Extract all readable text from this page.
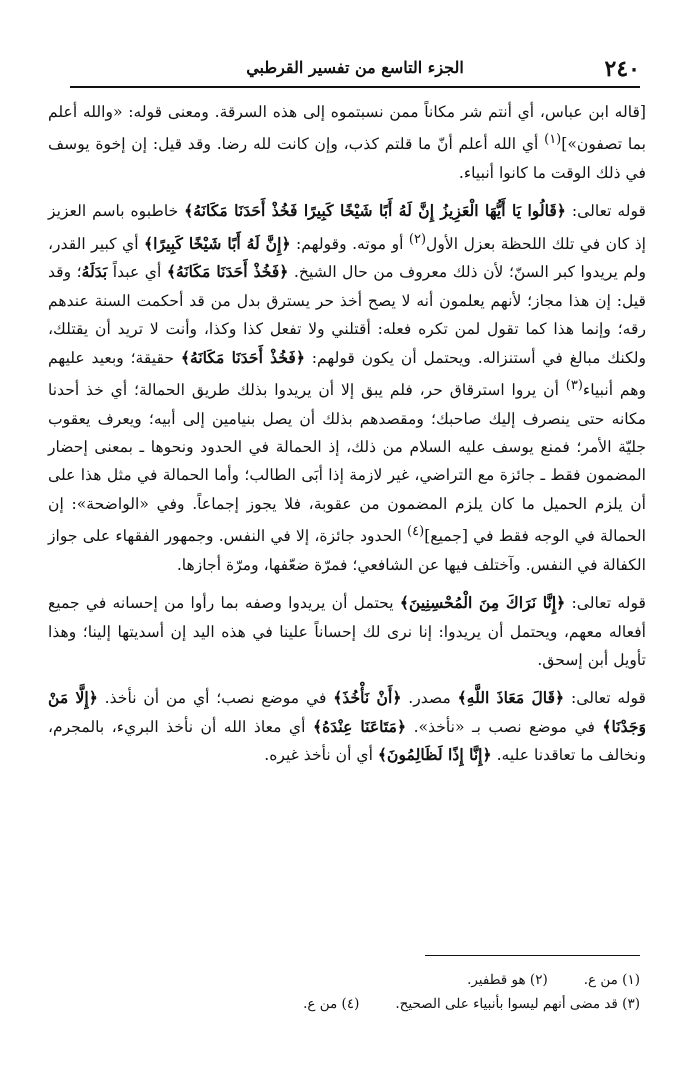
٢٤٠
الجزء التاسع من تفسير القرطبي

[قاله ابن عباس، أي أنتم شر مكاناً ممن نسبتموه إلى هذه السرقة. ومعنى قوله: «والله أعلم بما تصفون»]$^{(١)}$ أي الله أعلم أنّ ما قلتم كذب، وإن كانت لله رضا. وقد قيل: إن إخوة يوسف في ذلك الوقت ما كانوا أنبياء.

قوله تعالى: ﴿قَالُوا يَا أَيُّهَا الْعَزِيزُ إِنَّ لَهُ أَبًا شَيْخًا كَبِيرًا فَخُذْ أَحَدَنَا مَكَانَهُ﴾ خاطبوه باسم العزيز إذ كان في تلك اللحظة بعزل الأول$^{(٢)}$ أو موته. وقولهم: ﴿إِنَّ لَهُ أَبًا شَيْخًا كَبِيرًا﴾ أي كبير القدر، ولم يريدوا كبر السنّ؛ لأن ذلك معروف من حال الشيخ. ﴿فَخُذْ أَحَدَنَا مَكَانَهُ﴾ أي عبداً بَدَلَهُ؛ وقد قيل: إن هذا مجاز؛ لأنهم يعلمون أنه لا يصح أخذ حر يسترق بدل من قد أحكمت السنة عندهم رقه؛ وإنما هذا كما تقول لمن تكره فعله: أقتلني ولا تفعل كذا وكذا، وأنت لا تريد أن يقتلك، ولكنك مبالغ في أستنزاله. ويحتمل أن يكون قولهم: ﴿فَخُذْ أَحَدَنَا مَكَانَهُ﴾ حقيقة؛ وبعيد عليهم وهم أنبياء$^{(٣)}$ أن يروا استرقاق حر، فلم يبق إلا أن يريدوا بذلك طريق الحمالة؛ أي خذ أحدنا مكانه حتى ينصرف إليك صاحبك؛ ومقصدهم بذلك أن يصل بنيامين إلى أبيه؛ ويعرف يعقوب جليّة الأمر؛ فمنع يوسف عليه السلام من ذلك، إذ الحمالة في الحدود ونحوها ـ بمعنى إحضار المضمون فقط ـ جائزة مع التراضي، غير لازمة إذا أبَى الطالب؛ وأما الحمالة في مثل هذا على أن يلزم الحميل ما كان يلزم المضمون من عقوبة، فلا يجوز إجماعاً. وفي «الواضحة»: إن الحمالة في الوجه فقط في [جميع]$^{(٤)}$ الحدود جائزة، إلا في النفس. وجمهور الفقهاء على جواز الكفالة في النفس. وآختلف فيها عن الشافعي؛ فمرّة ضعّفها، ومرّة أجازها.

قوله تعالى: ﴿إِنَّا نَرَاكَ مِنَ الْمُحْسِنِينَ﴾ يحتمل أن يريدوا وصفه بما رأوا من إحسانه في جميع أفعاله معهم، ويحتمل أن يريدوا: إنا نرى لك إحساناً علينا في هذه اليد إن أسديتها إلينا؛ وهذا تأويل أبن إسحق.

قوله تعالى: ﴿قَالَ مَعَاذَ اللَّهِ﴾ مصدر. ﴿أَنْ نَأْخُذَ﴾ في موضع نصب؛ أي من أن نأخذ. ﴿إِلَّا مَنْ وَجَدْنَا﴾ في موضع نصب بـ «نأخذ». ﴿مَتَاعَنَا عِنْدَهُ﴾ أي معاذ الله أن نأخذ البريء، بالمجرم، ونخالف ما تعاقدنا عليه. ﴿إِنَّا إِذًا لَظَالِمُونَ﴾ أي أن نأخذ غيره.

(١) من ع.(٢) هو قطفير.
(٣) قد مضى أنهم ليسوا بأنبياء على الصحيح.(٤) من ع.
